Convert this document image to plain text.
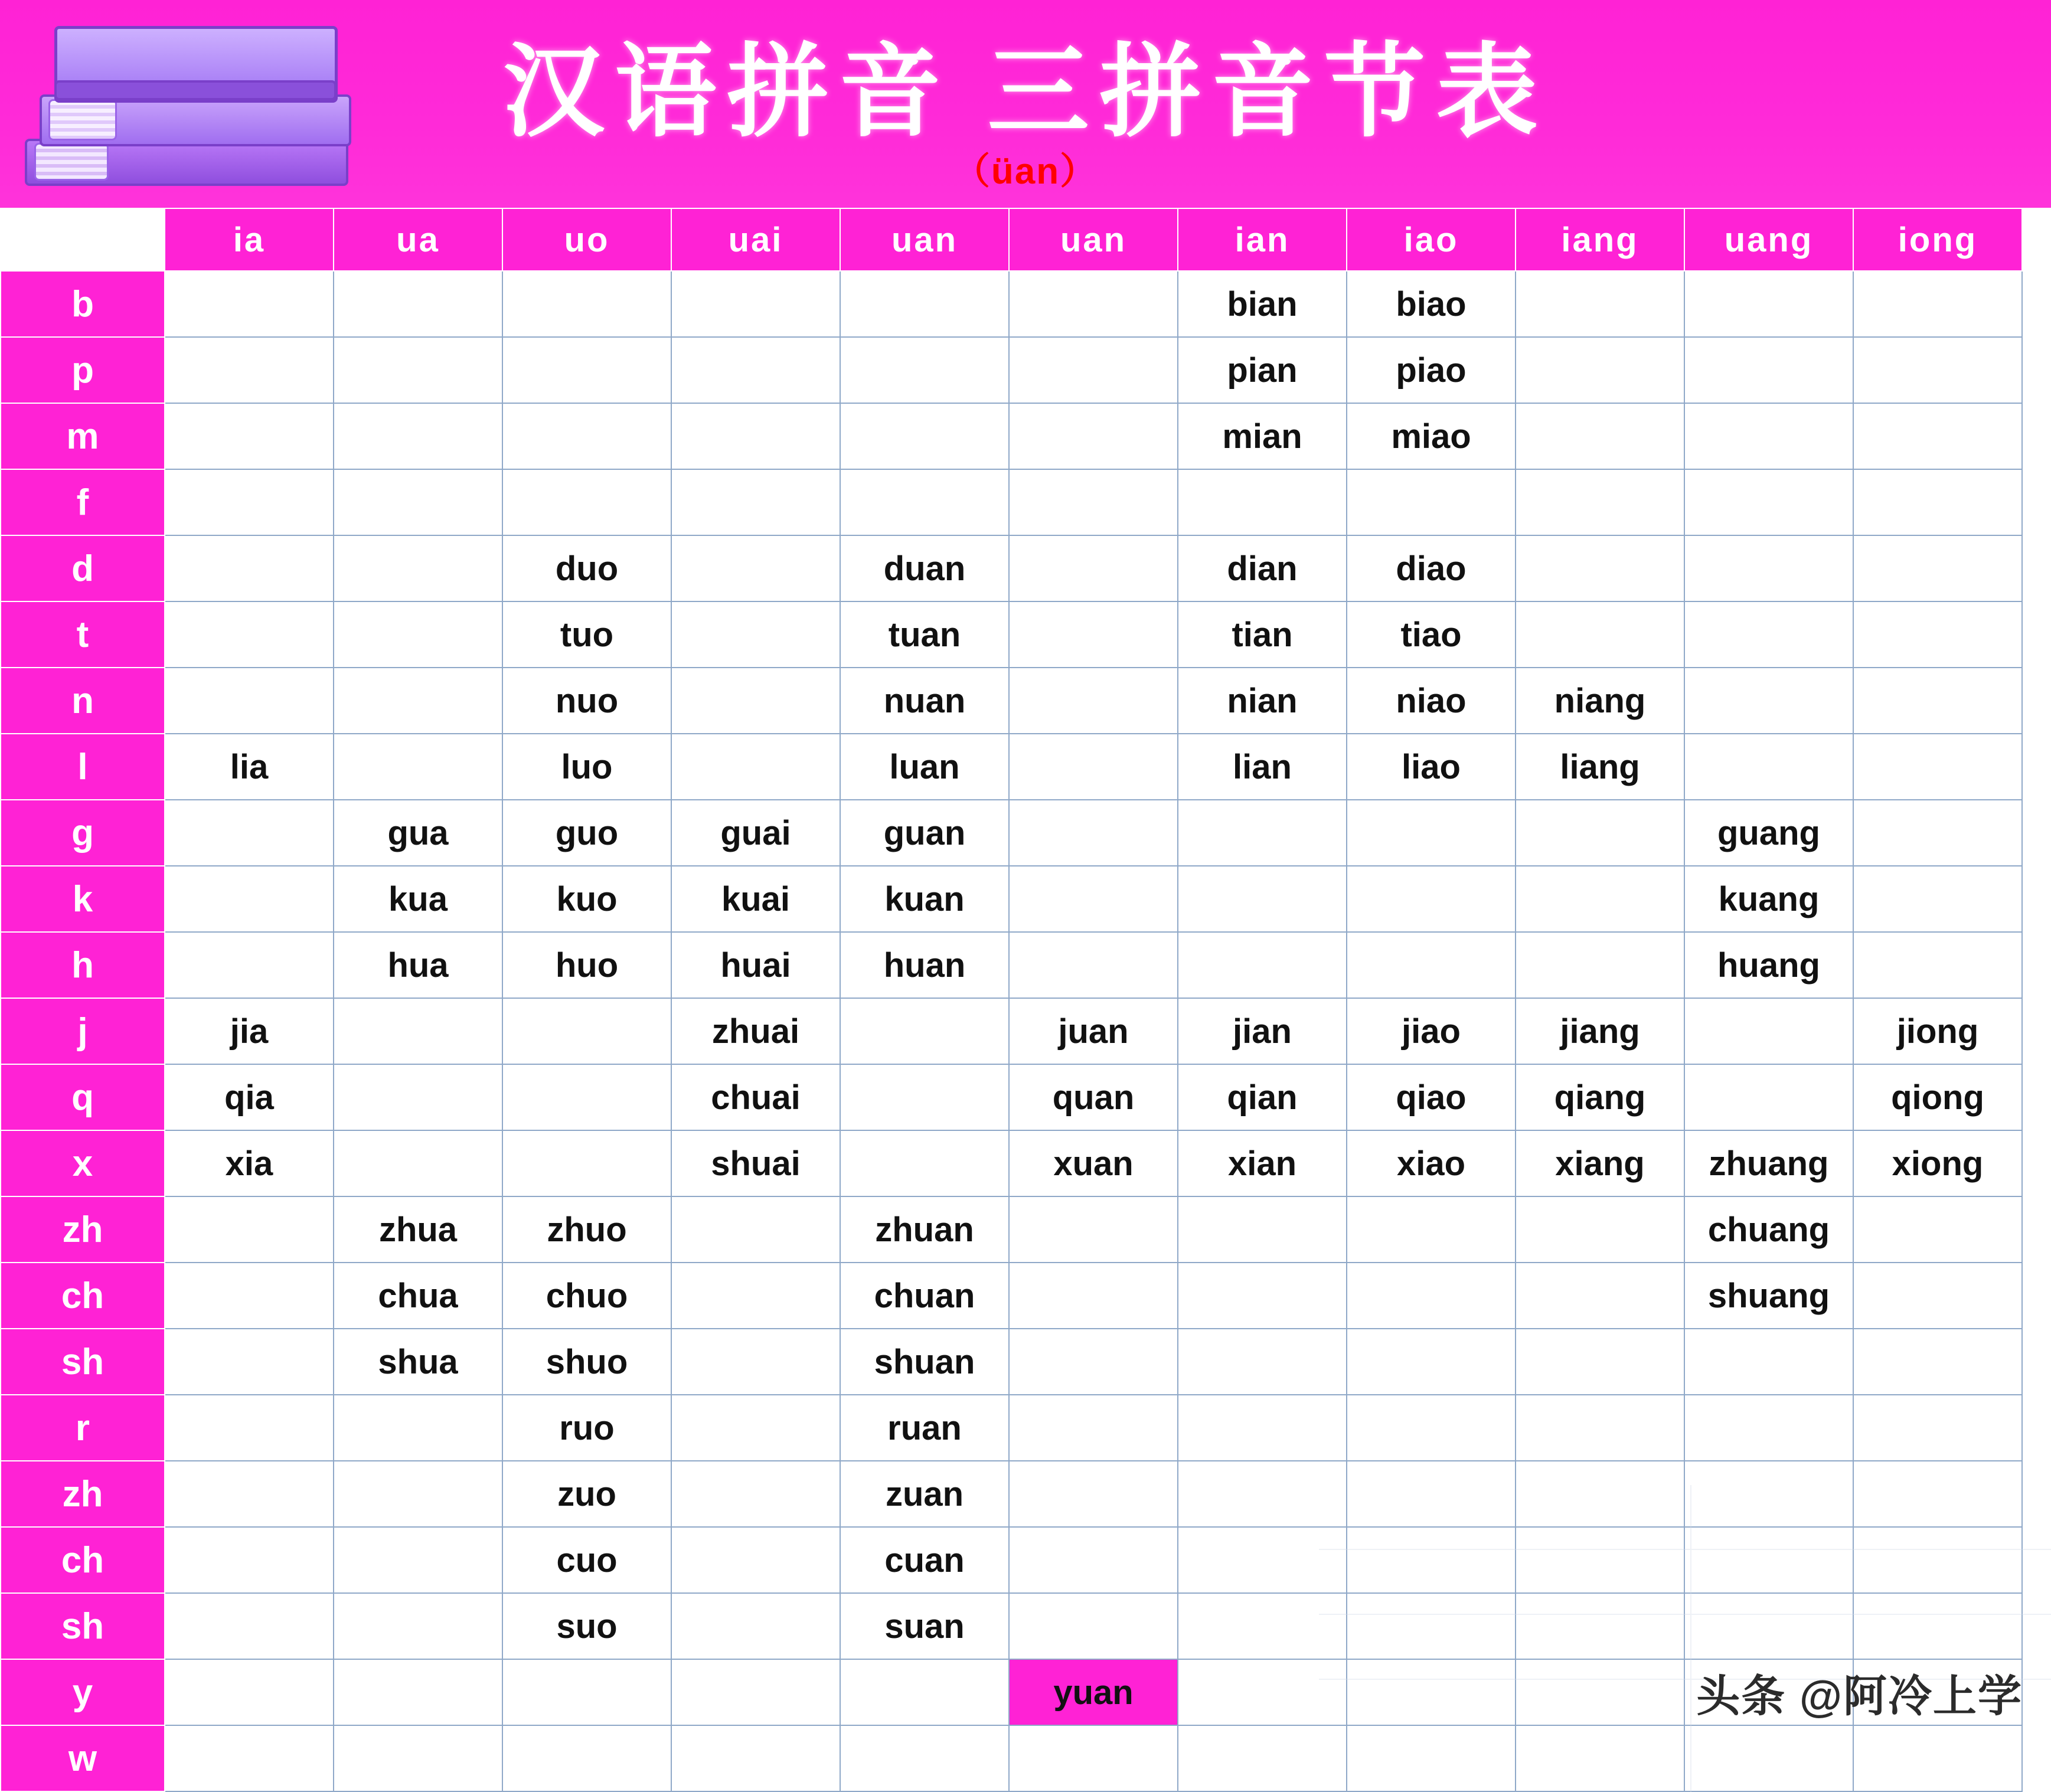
汉语拼音 三拼音节表
（üan）
	ia	ua	uo	uai	uan	uan	ian	iao	iang	uang	iong
b							bian	biao			
p							pian	piao			
m							mian	miao			
f											
d			duo		duan		dian	diao			
t			tuo		tuan		tian	tiao			
n			nuo		nuan		nian	niao	niang		
l	lia		luo		luan		lian	liao	liang		
g		gua	guo	guai	guan					guang	
k		kua	kuo	kuai	kuan					kuang	
h		hua	huo	huai	huan					huang	
j	jia			zhuai		juan	jian	jiao	jiang		jiong
q	qia			chuai		quan	qian	qiao	qiang		qiong
x	xia			shuai		xuan	xian	xiao	xiang	zhuang	xiong
zh		zhua	zhuo		zhuan					chuang	
ch		chua	chuo		chuan					shuang	
sh		shua	shuo		shuan						
r			ruo		ruan						
zh			zuo		zuan						
ch			cuo		cuan						
sh			suo		suan						
y						yuan					
w											
头条 @阿冷上学
